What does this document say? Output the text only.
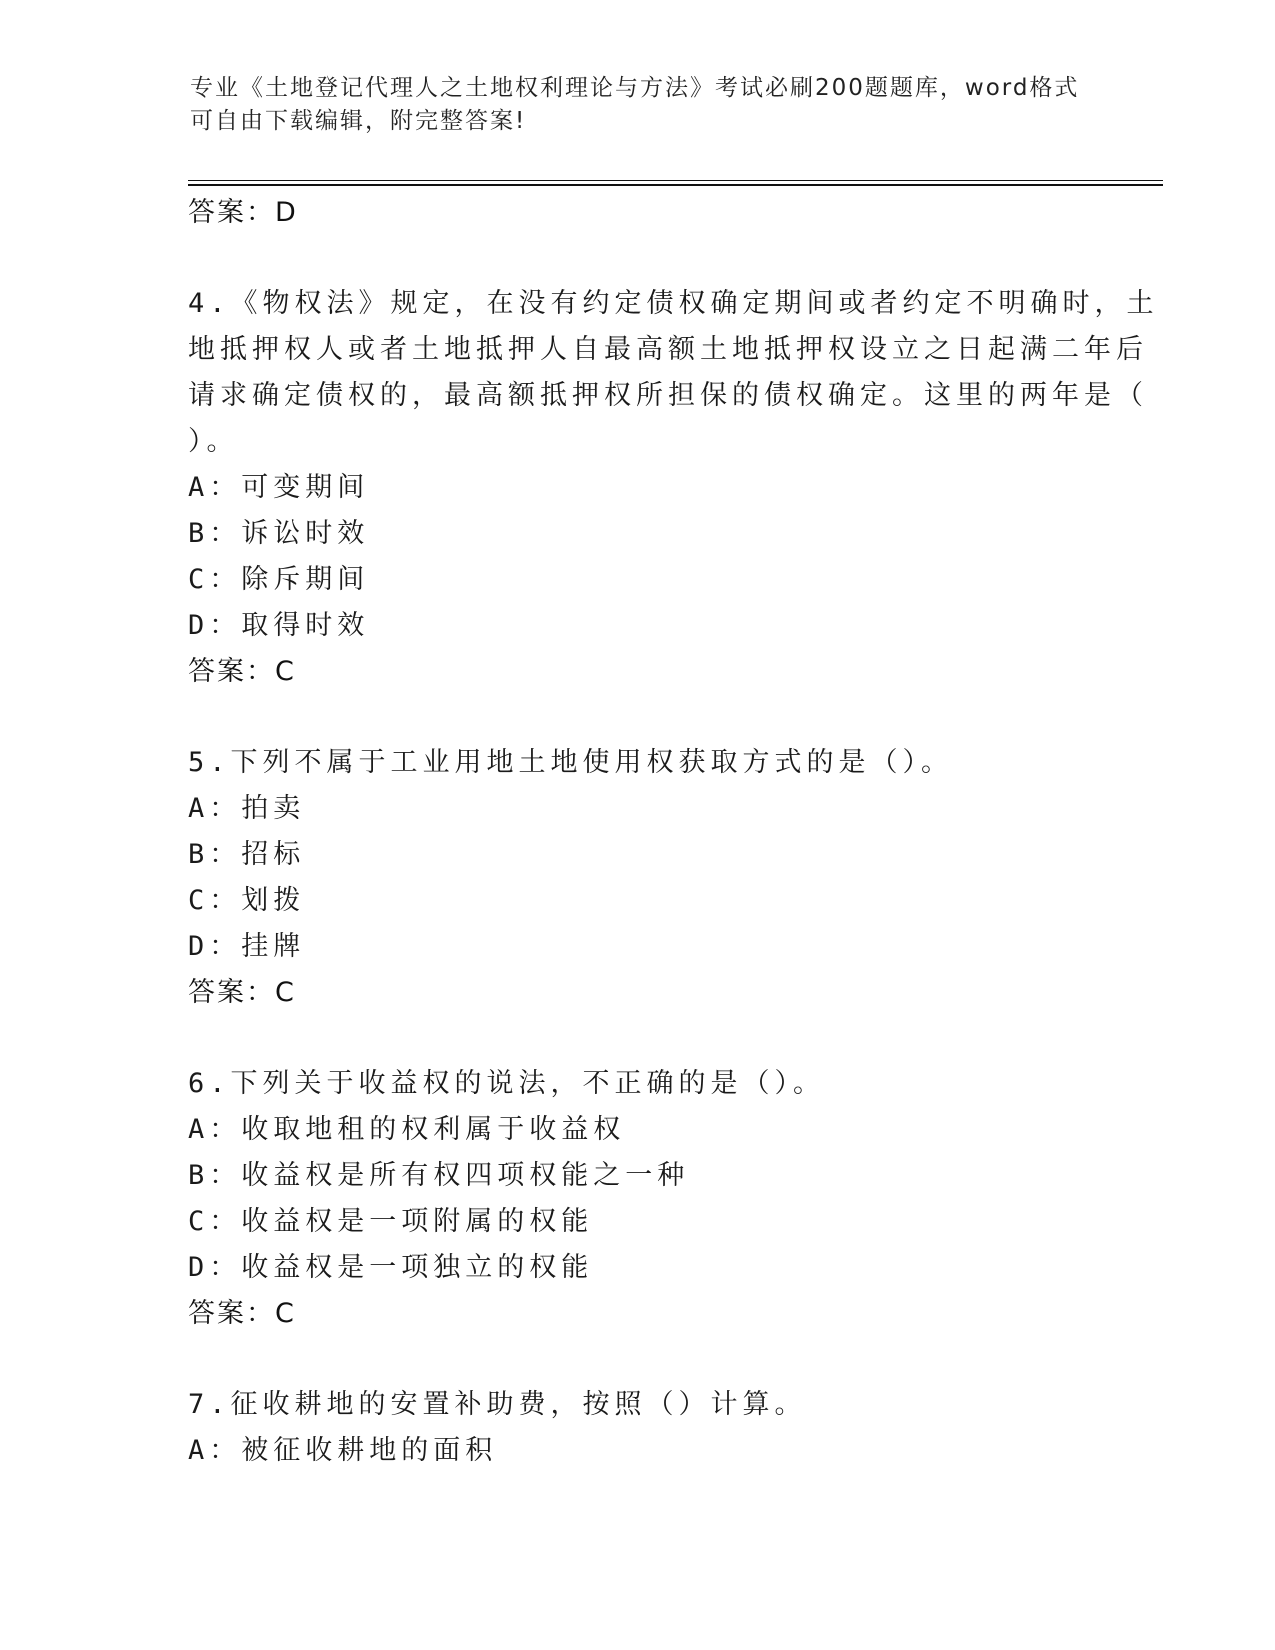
专业《土地登记代理人之土地权利理论与方法》考试必刷200题题库，word格式
可自由下载编辑，附完整答案!
答案：D
4.《物权法》规定，在没有约定债权确定期间或者约定不明确时，土
地抵押权人或者土地抵押人自最高额土地抵押权设立之日起满二年后
请求确定债权的，最高额抵押权所担保的债权确定。这里的两年是（
）。
A：可变期间
B：诉讼时效
C：除斥期间
D：取得时效
答案：C
5.下列不属于工业用地土地使用权获取方式的是（）。
A：拍卖
B：招标
C：划拨
D：挂牌
答案：C
6.下列关于收益权的说法，不正确的是（）。
A：收取地租的权利属于收益权
B：收益权是所有权四项权能之一种
C：收益权是一项附属的权能
D：收益权是一项独立的权能
答案：C
7.征收耕地的安置补助费，按照（）计算。
A：被征收耕地的面积
